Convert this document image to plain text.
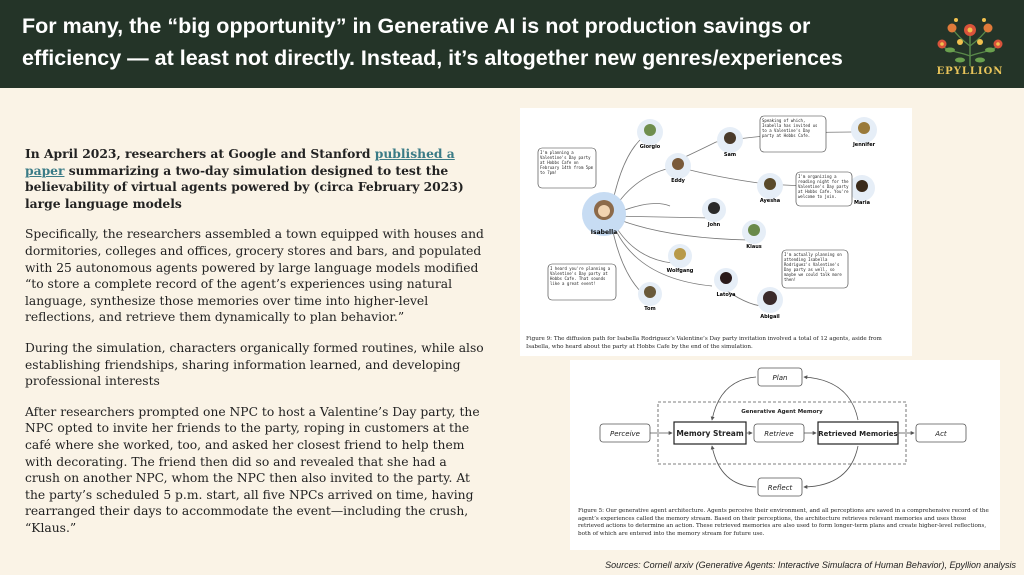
For many, the “big opportunity” in Generative AI is not production savings or efficiency — at least not directly. Instead, it’s altogether new genres/experiences
EPYLLION

In April 2023, researchers at Google and Stanford published a paper summarizing a two-day simulation designed to test the believability of virtual agents powered by (circa February 2023) large language models

Specifically, the researchers assembled a town equipped with houses and dormitories, colleges and offices, grocery stores and bars, and populated with 25 autonomous agents powered by large language models modified “to store a complete record of the agent’s experiences using natural language, synthesize those memories over time into higher-level reflections, and retrieve them dynamically to plan behavior.”

During the simulation, characters organically formed routines, while also establishing friendships, sharing information learned, and developing professional interests

After researchers prompted one NPC to host a Valentine’s Day party, the NPC opted to invite her friends to the party, roping in customers at the café where she worked, too, and asked her closest friend to help them with decorating. The friend then did so and revealed that she had a crush on another NPC, whom the NPC then also invited to the party. At the party’s scheduled 5 p.m. start, all five NPCs arrived on time, having rearranged their days to accommodate the event—including the crush, “Klaus.”

Isabella
Giorgio
Sam
Jennifer
Eddy
Ayesha	Maria
John
Klaus
Wolfgang
Latoya
Abigail
Tom
I'm planning a Valentine's Day party at Hobbs Cafe on February 14th from 5pm to 7pm!
Speaking of which, Isabella has invited us to a Valentine's Day party at Hobbs Cafe.
I'm organizing a reading night for the Valentine's Day party at Hobbs Cafe. You're welcome to join.
I'm actually planning on attending Isabella Rodriguez's Valentine's Day party as well, so maybe we could talk more then!
I heard you're planning a Valentine's Day party at Hobbs Cafe. That sounds like a great event!
Figure 9: The diffusion path for Isabella Rodriguez’s Valentine’s Day party invitation involved a total of 12 agents, aside from Isabella, who heard about the party at Hobbs Cafe by the end of the simulation.
Generative Agent Memory
Perceive	Memory Stream	Retrieve	Retrieved Memories	Act
Plan
Reflect
Figure 5: Our generative agent architecture. Agents perceive their environment, and all perceptions are saved in a comprehensive record of the agent’s experiences called the memory stream. Based on their perceptions, the architecture retrieves relevant memories and uses those retrieved actions to determine an action. These retrieved memories are also used to form longer-term plans and create higher-level reflections, both of which are entered into the memory stream for future use.
Sources: Cornell arxiv (Generative Agents: Interactive Simulacra of Human Behavior), Epyllion analysis
